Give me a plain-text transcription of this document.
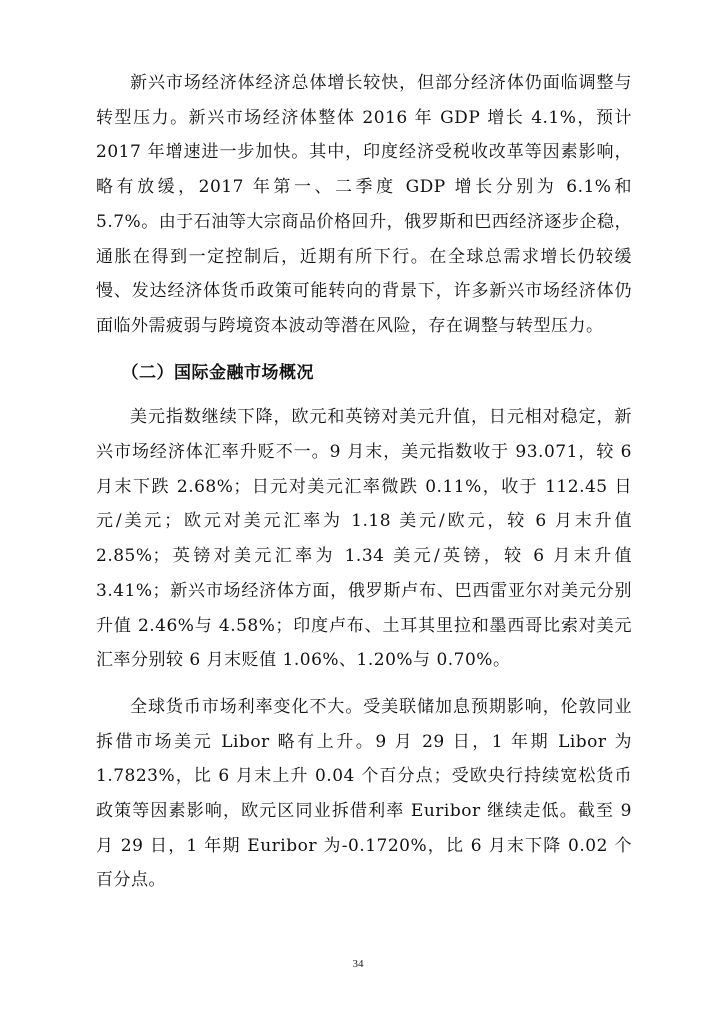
新兴市场经济体经济总体增长较快，但部分经济体仍面临调整与转型压力。新兴市场经济体整体 2016 年 GDP 增长 4.1%，预计 2017 年增速进一步加快。其中，印度经济受税收改革等因素影响，略有放缓，2017 年第一、二季度 GDP 增长分别为 6.1%和 5.7%。由于石油等大宗商品价格回升，俄罗斯和巴西经济逐步企稳，通胀在得到一定控制后，近期有所下行。在全球总需求增长仍较缓慢、发达经济体货币政策可能转向的背景下，许多新兴市场经济体仍面临外需疲弱与跨境资本波动等潜在风险，存在调整与转型压力。

（二）国际金融市场概况

美元指数继续下降，欧元和英镑对美元升值，日元相对稳定，新兴市场经济体汇率升贬不一。9 月末，美元指数收于 93.071，较 6 月末下跌 2.68%；日元对美元汇率微跌 0.11%，收于 112.45 日元/美元；欧元对美元汇率为 1.18 美元/欧元，较 6 月末升值 2.85%；英镑对美元汇率为 1.34 美元/英镑，较 6 月末升值 3.41%；新兴市场经济体方面，俄罗斯卢布、巴西雷亚尔对美元分别升值 2.46%与 4.58%；印度卢布、土耳其里拉和墨西哥比索对美元汇率分别较 6 月末贬值 1.06%、1.20%与 0.70%。

全球货币市场利率变化不大。受美联储加息预期影响，伦敦同业拆借市场美元 Libor 略有上升。9 月 29 日，1 年期 Libor 为 1.7823%，比 6 月末上升 0.04 个百分点；受欧央行持续宽松货币政策等因素影响，欧元区同业拆借利率 Euribor 继续走低。截至 9 月 29 日，1 年期 Euribor 为-0.1720%，比 6 月末下降 0.02 个百分点。

34
